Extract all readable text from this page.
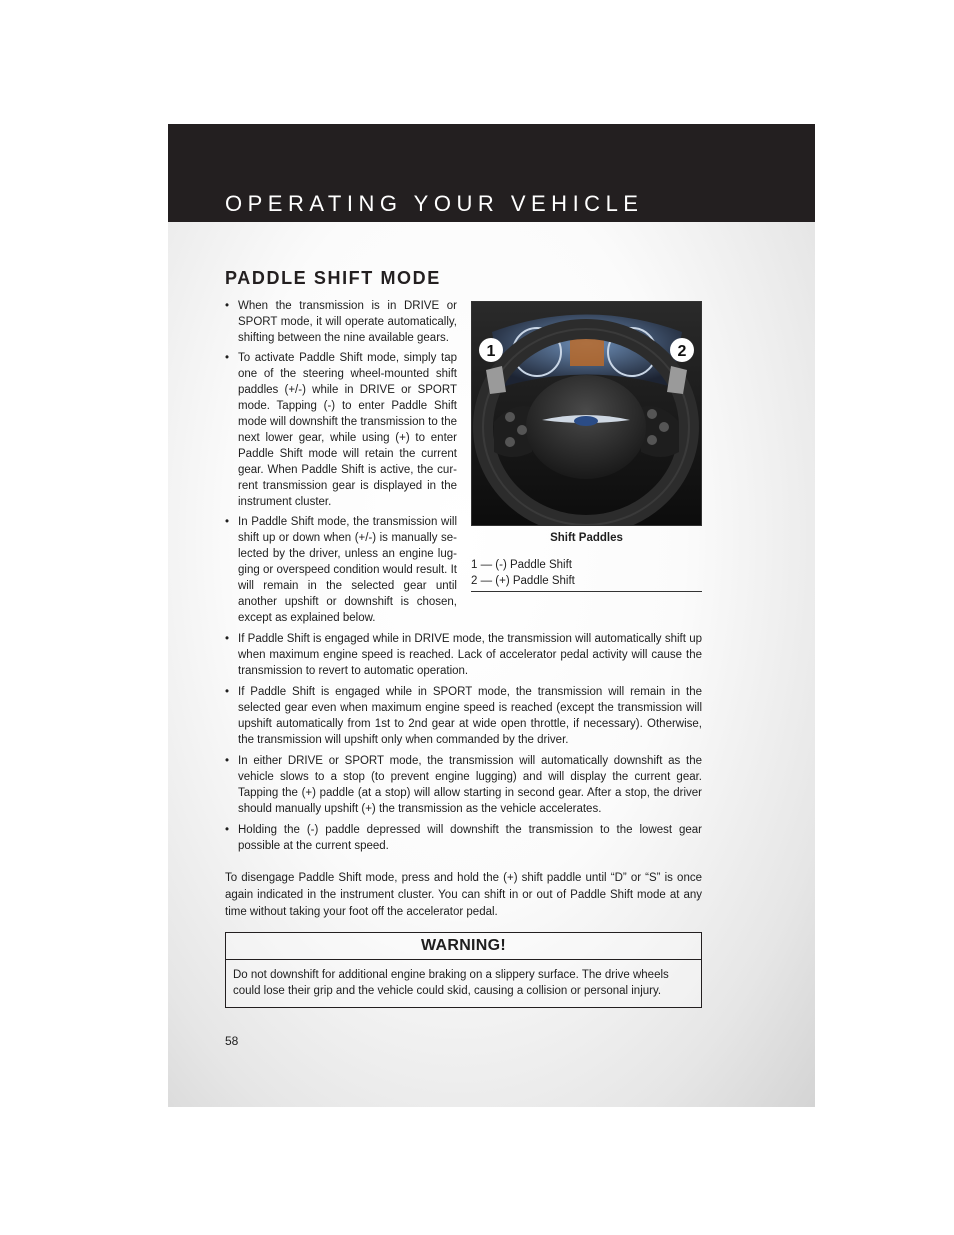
OPERATING YOUR VEHICLE
PADDLE SHIFT MODE
• When the transmission is in DRIVE or SPORT mode, it will operate automatically, shifting between the nine available gears.
• To activate Paddle Shift mode, simply tap one of the steering wheel-mounted shift paddles (+/-) while in DRIVE or SPORT mode. Tapping (-) to enter Paddle Shift mode will downshift the transmission to the next lower gear, while using (+) to enter Paddle Shift mode will retain the current gear. When Paddle Shift is active, the current transmission gear is displayed in the instrument cluster.
• In Paddle Shift mode, the transmission will shift up or down when (+/-) is manually selected by the driver, unless an engine lugging or overspeed condition would result. It will remain in the selected gear until another upshift or downshift is chosen, except as explained below.
1	2
Shift Paddles
1 — (-) Paddle Shift
2 — (+) Paddle Shift
• If Paddle Shift is engaged while in DRIVE mode, the transmission will automatically shift up when maximum engine speed is reached. Lack of accelerator pedal activity will cause the transmission to revert to automatic operation.
• If Paddle Shift is engaged while in SPORT mode, the transmission will remain in the selected gear even when maximum engine speed is reached (except the transmission will upshift automatically from 1st to 2nd gear at wide open throttle, if necessary). Otherwise, the transmission will upshift only when commanded by the driver.
• In either DRIVE or SPORT mode, the transmission will automatically downshift as the vehicle slows to a stop (to prevent engine lugging) and will display the current gear. Tapping the (+) paddle (at a stop) will allow starting in second gear. After a stop, the driver should manually upshift (+) the transmission as the vehicle accelerates.
• Holding the (-) paddle depressed will downshift the transmission to the lowest gear possible at the current speed.

To disengage Paddle Shift mode, press and hold the (+) shift paddle until “D” or “S” is once again indicated in the instrument cluster. You can shift in or out of Paddle Shift mode at any time without taking your foot off the accelerator pedal.

WARNING!
Do not downshift for additional engine braking on a slippery surface. The drive wheels could lose their grip and the vehicle could skid, causing a collision or personal injury.
58
